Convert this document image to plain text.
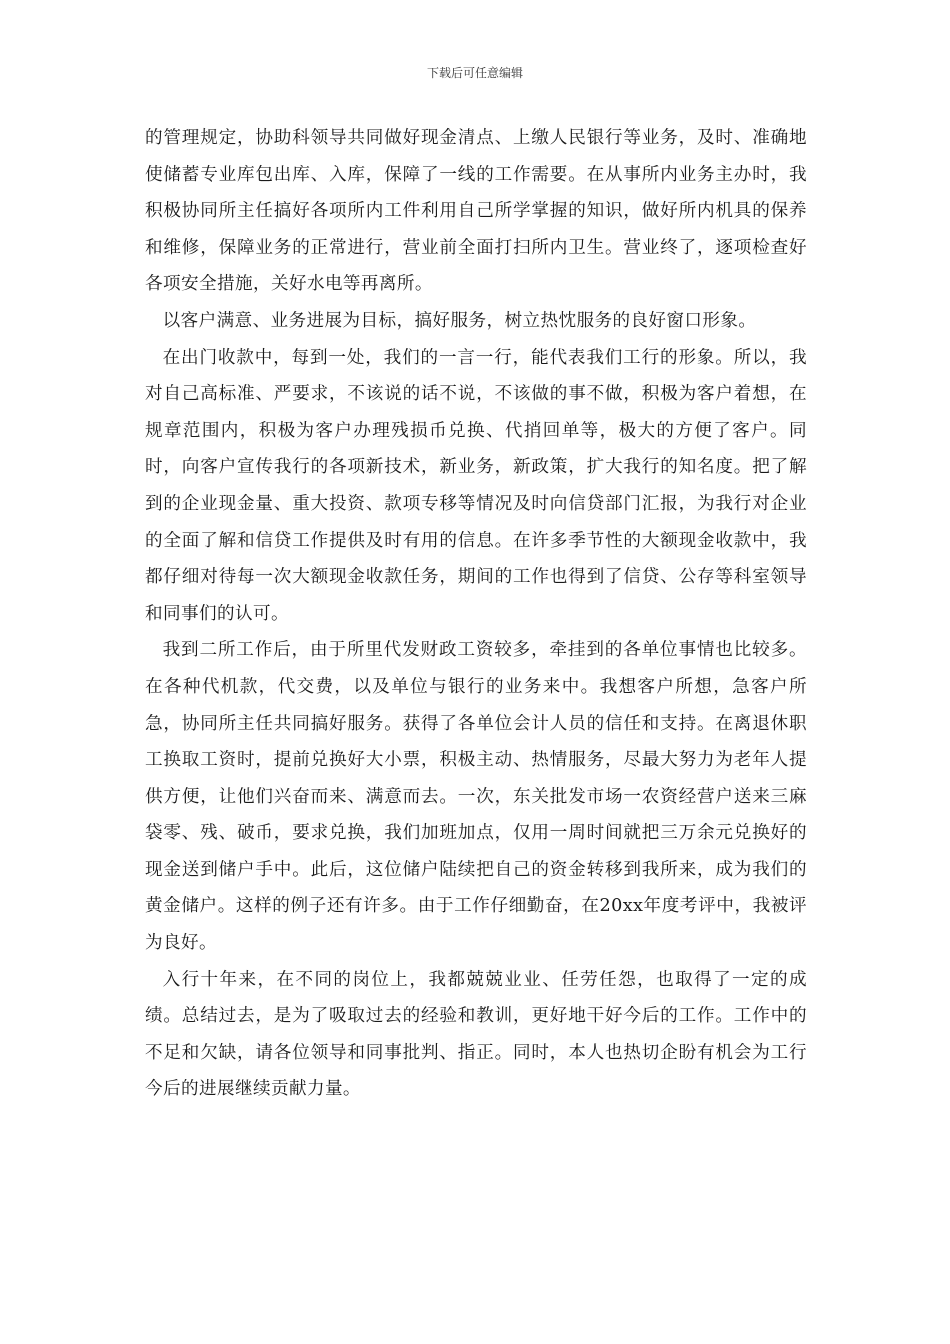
下载后可任意编辑

的管理规定，协助科领导共同做好现金清点、上缴人民银行等业务，及时、准确地使储蓄专业库包出库、入库，保障了一线的工作需要。在从事所内业务主办时，我积极协同所主任搞好各项所内工件利用自己所学掌握的知识，做好所内机具的保养和维修，保障业务的正常进行，营业前全面打扫所内卫生。营业终了，逐项检查好各项安全措施，关好水电等再离所。

以客户满意、业务进展为目标，搞好服务，树立热忱服务的良好窗口形象。

在出门收款中，每到一处，我们的一言一行，能代表我们工行的形象。所以，我对自己高标准、严要求，不该说的话不说，不该做的事不做，积极为客户着想，在规章范围内，积极为客户办理残损币兑换、代捎回单等，极大的方便了客户。同时，向客户宣传我行的各项新技术，新业务，新政策，扩大我行的知名度。把了解到的企业现金量、重大投资、款项专移等情况及时向信贷部门汇报，为我行对企业的全面了解和信贷工作提供及时有用的信息。在许多季节性的大额现金收款中，我都仔细对待每一次大额现金收款任务，期间的工作也得到了信贷、公存等科室领导和同事们的认可。

我到二所工作后，由于所里代发财政工资较多，牵挂到的各单位事情也比较多。在各种代机款，代交费，以及单位与银行的业务来中。我想客户所想，急客户所急，协同所主任共同搞好服务。获得了各单位会计人员的信任和支持。在离退休职工换取工资时，提前兑换好大小票，积极主动、热情服务，尽最大努力为老年人提供方便，让他们兴奋而来、满意而去。一次，东关批发市场一农资经营户送来三麻袋零、残、破币，要求兑换，我们加班加点，仅用一周时间就把三万余元兑换好的现金送到储户手中。此后，这位储户陆续把自己的资金转移到我所来，成为我们的黄金储户。这样的例子还有许多。由于工作仔细勤奋，在20xx年度考评中，我被评为良好。

入行十年来，在不同的岗位上，我都兢兢业业、任劳任怨，也取得了一定的成绩。总结过去，是为了吸取过去的经验和教训，更好地干好今后的工作。工作中的不足和欠缺，请各位领导和同事批判、指正。同时，本人也热切企盼有机会为工行今后的进展继续贡献力量。
